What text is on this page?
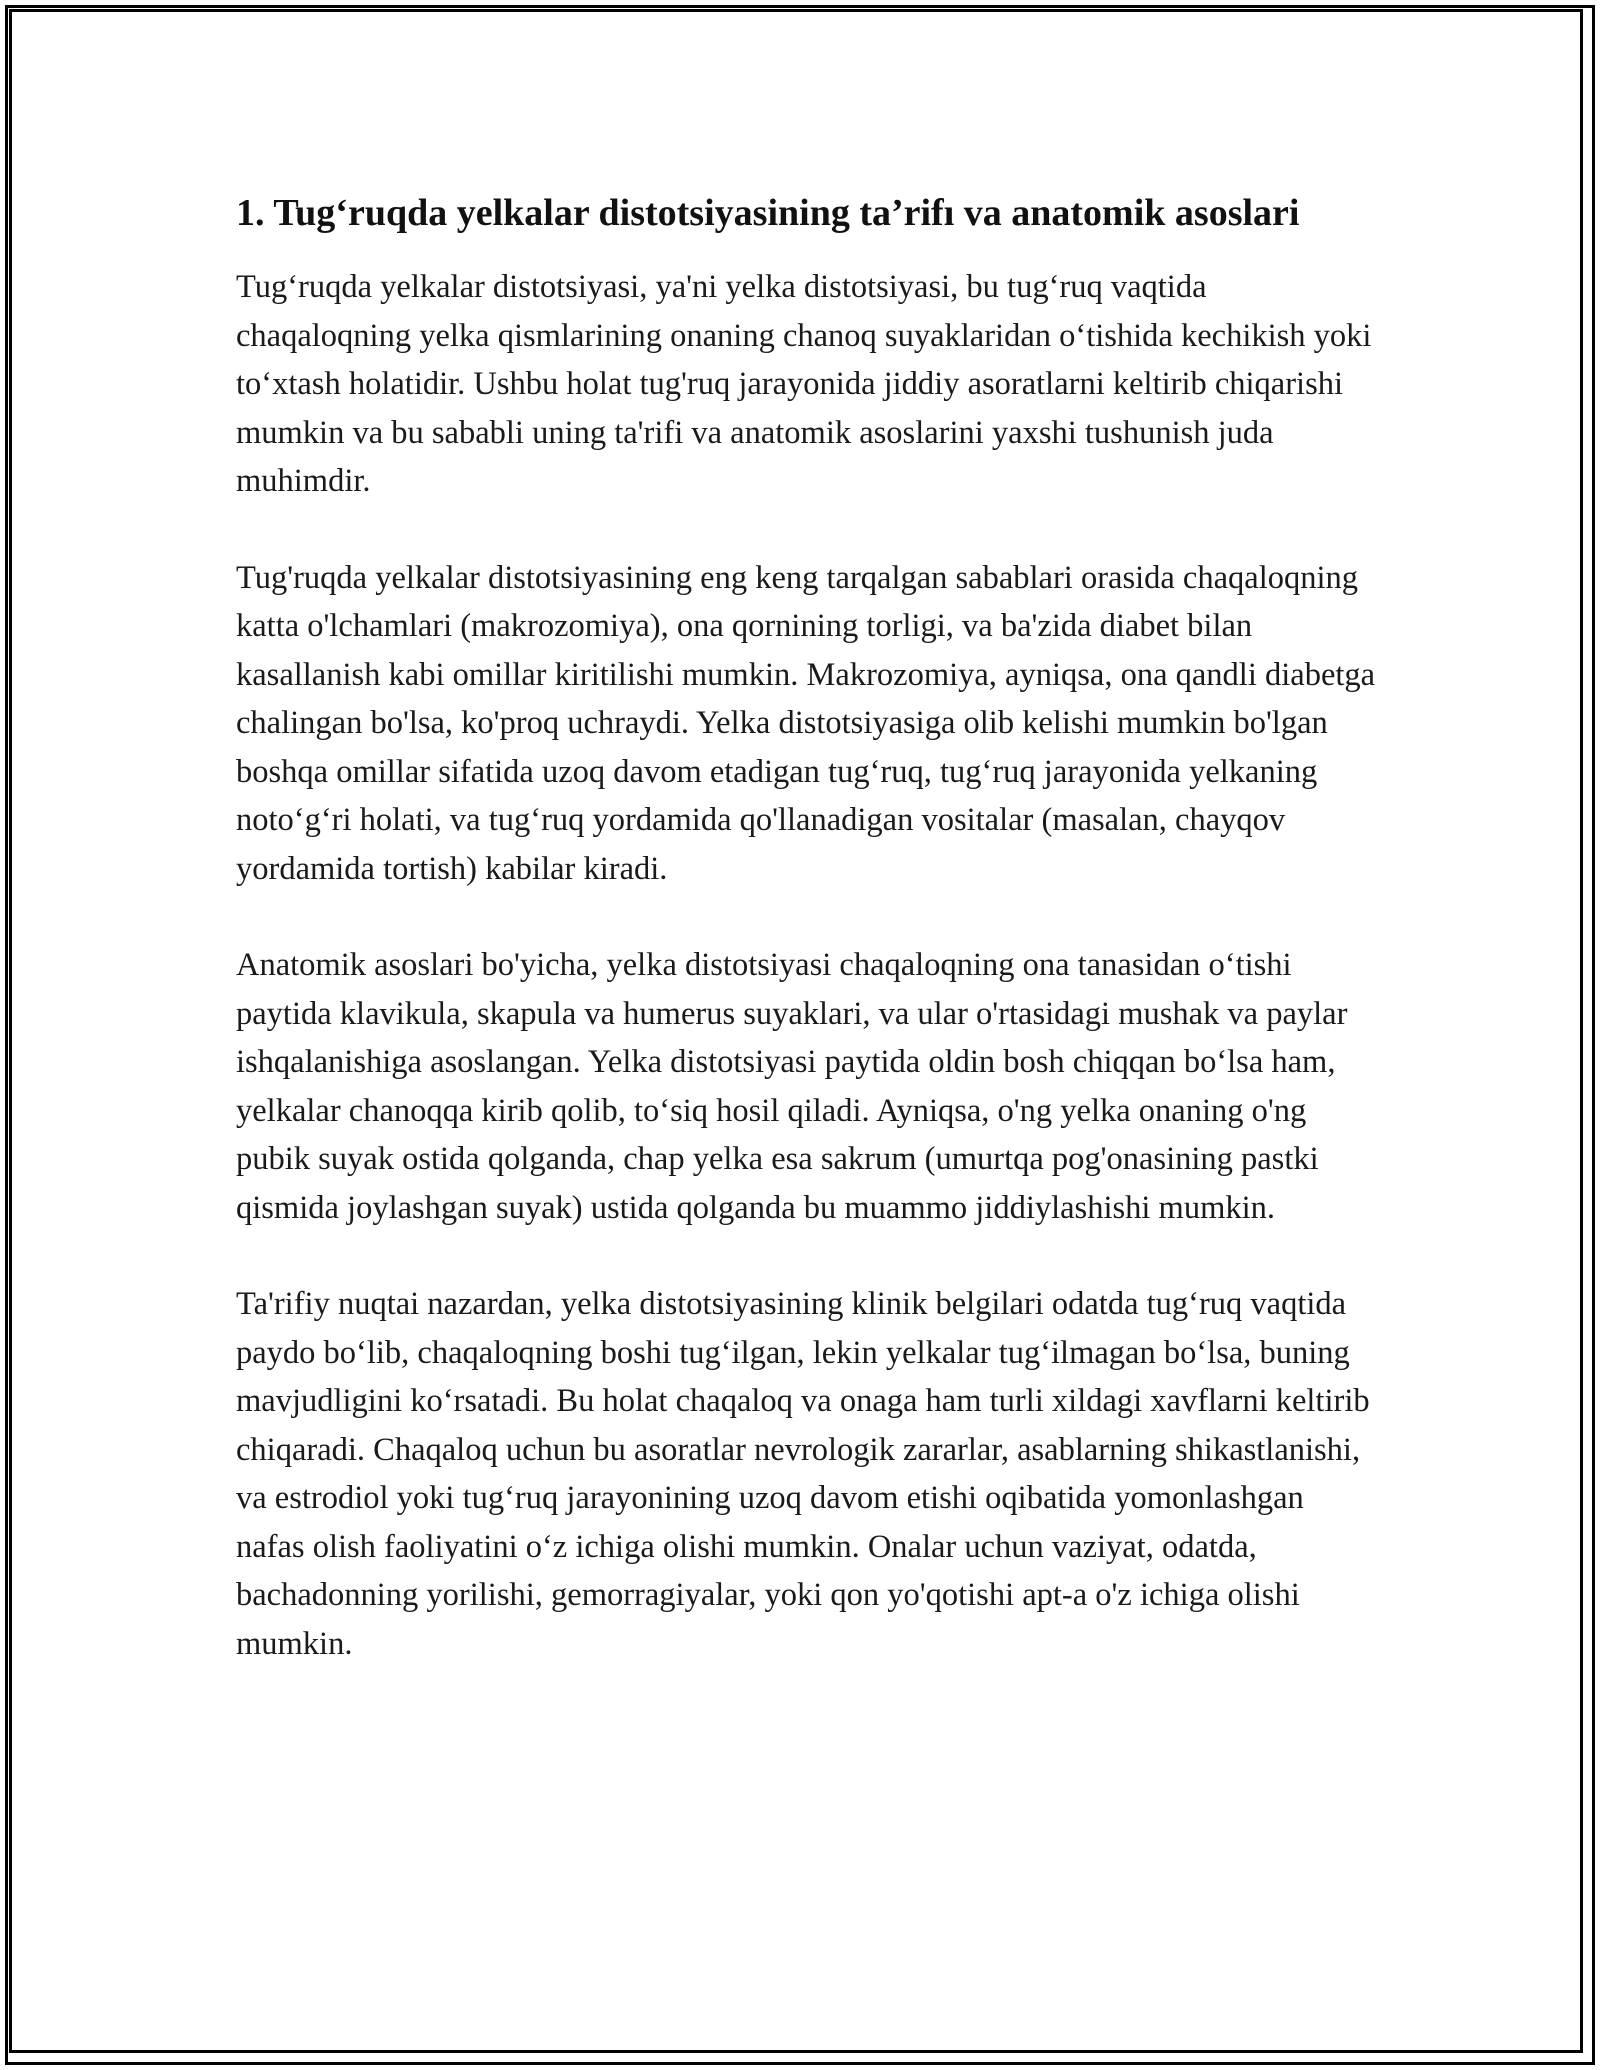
1. Tug‘ruqda yelkalar distotsiyasining ta’rifı va anatomik asoslari

Tug‘ruqda yelkalar distotsiyasi, ya'ni yelka distotsiyasi, bu tug‘ruq vaqtida chaqaloqning yelka qismlarining onaning chanoq suyaklaridan o‘tishida kechikish yoki to‘xtash holatidir. Ushbu holat tug'ruq jarayonida jiddiy asoratlarni keltirib chiqarishi mumkin va bu sababli uning ta'rifi va anatomik asoslarini yaxshi tushunish juda muhimdir.

Tug'ruqda yelkalar distotsiyasining eng keng tarqalgan sabablari orasida chaqaloqning katta o'lchamlari (makrozomiya), ona qornining torligi, va ba'zida diabet bilan kasallanish kabi omillar kiritilishi mumkin. Makrozomiya, ayniqsa, ona qandli diabetga chalingan bo'lsa, ko'proq uchraydi. Yelka distotsiyasiga olib kelishi mumkin bo'lgan boshqa omillar sifatida uzoq davom etadigan tug‘ruq, tug‘ruq jarayonida yelkaning noto‘g‘ri holati, va tug‘ruq yordamida qo'llanadigan vositalar (masalan, chayqov yordamida tortish) kabilar kiradi.

Anatomik asoslari bo'yicha, yelka distotsiyasi chaqaloqning ona tanasidan o‘tishi paytida klavikula, skapula va humerus suyaklari, va ular o'rtasidagi mushak va paylar ishqalanishiga asoslangan. Yelka distotsiyasi paytida oldin bosh chiqqan bo‘lsa ham, yelkalar chanoqqa kirib qolib, to‘siq hosil qiladi. Ayniqsa, o'ng yelka onaning o'ng pubik suyak ostida qolganda, chap yelka esa sakrum (umurtqa pog'onasining pastki qismida joylashgan suyak) ustida qolganda bu muammo jiddiylashishi mumkin.

Ta'rifiy nuqtai nazardan, yelka distotsiyasining klinik belgilari odatda tug‘ruq vaqtida paydo bo‘lib, chaqaloqning boshi tug‘ilgan, lekin yelkalar tug‘ilmagan bo‘lsa, buning mavjudligini ko‘rsatadi. Bu holat chaqaloq va onaga ham turli xildagi xavflarni keltirib chiqaradi. Chaqaloq uchun bu asoratlar nevrologik zararlar, asablarning shikastlanishi, va estrodiol yoki tug‘ruq jarayonining uzoq davom etishi oqibatida yomonlashgan nafas olish faoliyatini o‘z ichiga olishi mumkin. Onalar uchun vaziyat, odatda, bachadonning yorilishi, gemorragiyalar, yoki qon yo'qotishi apt-a o'z ichiga olishi mumkin.
